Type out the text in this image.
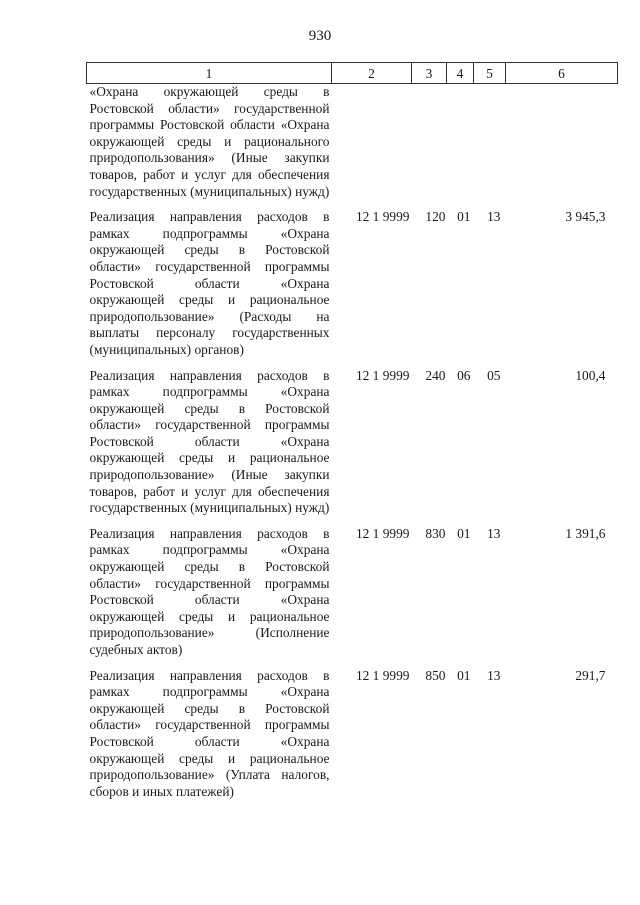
930
1	2	3	4	5	6
«Охрана окружающей среды в Ростовской области» государственной программы Ростовской области «Охрана окружающей среды и рационального природопользования» (Иные закупки товаров, работ и услуг для обеспечения государственных (муниципальных) нужд)					
Реализация направления расходов в рамках подпрограммы «Охрана окружающей среды в Ростовской области» государственной программы Ростовской области «Охрана окружающей среды и рациональное природопользование» (Расходы на выплаты персоналу государственных (муниципальных) органов)	12 1 9999	120	01	13	3 945,3
Реализация направления расходов в рамках подпрограммы «Охрана окружающей среды в Ростовской области» государственной программы Ростовской области «Охрана окружающей среды и рациональное природопользование» (Иные закупки товаров, работ и услуг для обеспечения государственных (муниципальных) нужд)	12 1 9999	240	06	05	100,4
Реализация направления расходов в рамках подпрограммы «Охрана окружающей среды в Ростовской области» государственной программы Ростовской области «Охрана окружающей среды и рациональное природопользование» (Исполнение судебных актов)	12 1 9999	830	01	13	1 391,6
Реализация направления расходов в рамках подпрограммы «Охрана окружающей среды в Ростовской области» государственной программы Ростовской области «Охрана окружающей среды и рациональное природопользование» (Уплата налогов, сборов и иных платежей)	12 1 9999	850	01	13	291,7
